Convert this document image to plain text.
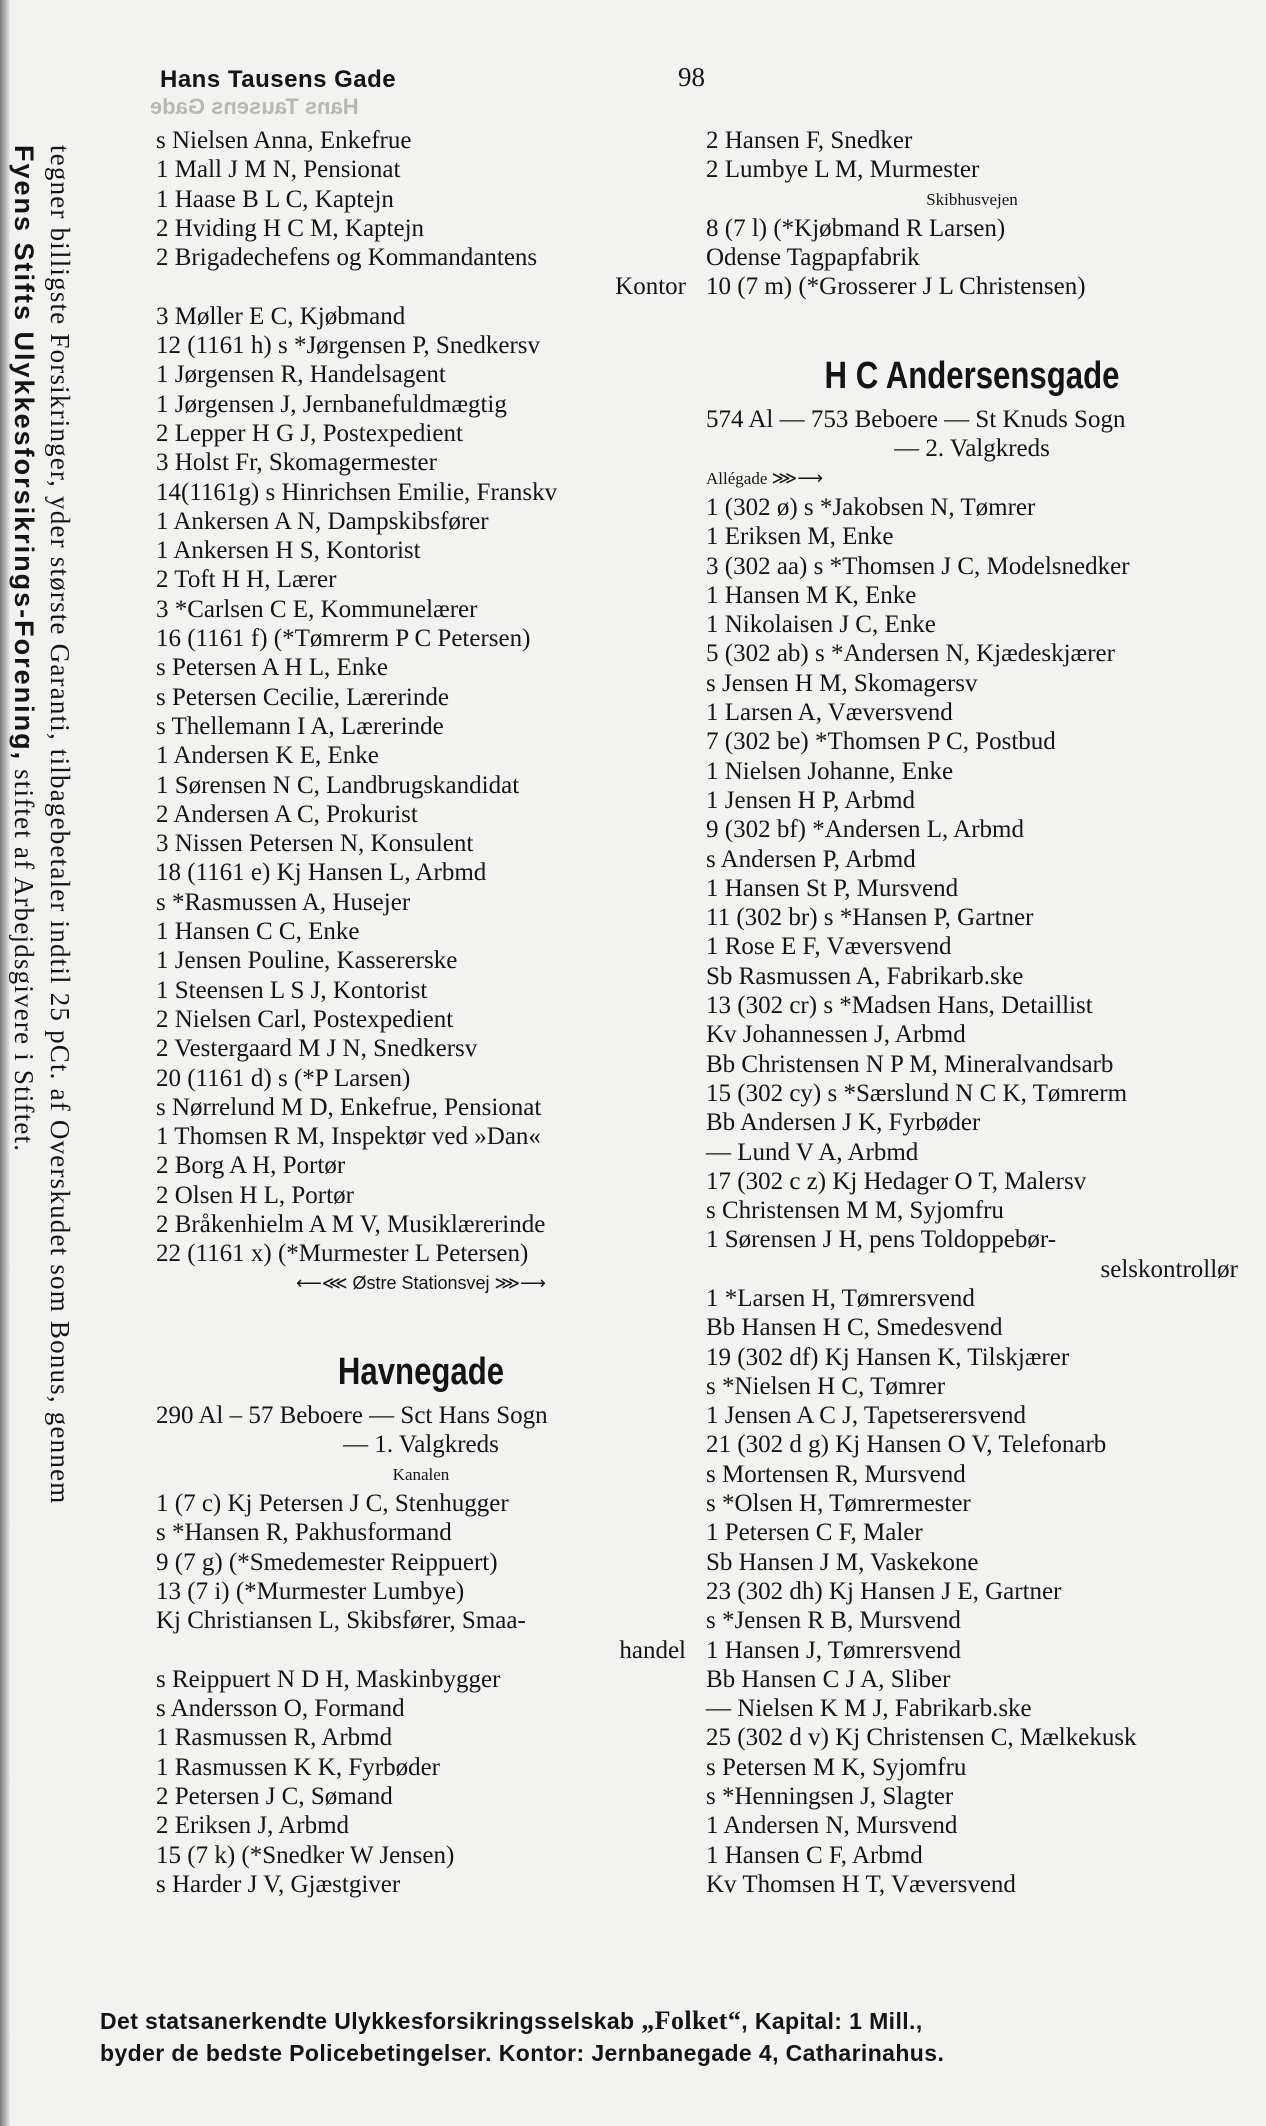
Hans Tausens Gade
Hans Tausens Gade	98
tegner billigste Forsikringer, yder største Garanti, tilbagebetaler indtil 25 pCt. af Overskudet som Bonus, gennem
Fyens Stifts Ulykkesforsikrings-Forening, stiftet af Arbejdsgivere i Stiftet.
s Nielsen Anna, Enkefrue
1 Mall J M N, Pensionat
1 Haase B L C, Kaptejn
2 Hviding H C M, Kaptejn
2 Brigadechefens og Kommandantens
Kontor
3 Møller E C, Kjøbmand
12 (1161 h) s *Jørgensen P, Snedkersv
1 Jørgensen R, Handelsagent
1 Jørgensen J, Jernbanefuldmægtig
2 Lepper H G J, Postexpedient
3 Holst Fr, Skomagermester
14(1161g) s Hinrichsen Emilie, Franskv
1 Ankersen A N, Dampskibsfører
1 Ankersen H S, Kontorist
2 Toft H H, Lærer
3 *Carlsen C E, Kommunelærer
16 (1161 f) (*Tømrerm P C Petersen)
s Petersen A H L, Enke
s Petersen Cecilie, Lærerinde
s Thellemann I A, Lærerinde
1 Andersen K E, Enke
1 Sørensen N C, Landbrugskandidat
2 Andersen A C, Prokurist
3 Nissen Petersen N, Konsulent
18 (1161 e) Kj Hansen L, Arbmd
s *Rasmussen A, Husejer
1 Hansen C C, Enke
1 Jensen Pouline, Kassererske
1 Steensen L S J, Kontorist
2 Nielsen Carl, Postexpedient
2 Vestergaard M J N, Snedkersv
20 (1161 d) s (*P Larsen)
s Nørrelund M D, Enkefrue, Pensionat
1 Thomsen R M, Inspektør ved »Dan«
2 Borg A H, Portør
2 Olsen H L, Portør
2 Bråkenhielm A M V, Musiklærerinde
22 (1161 x) (*Murmester L Petersen)
⟵⋘ Østre Stationsvej ⋙⟶
Havnegade
290 Al – 57 Beboere — Sct Hans Sogn
— 1. Valgkreds
Kanalen
1 (7 c) Kj Petersen J C, Stenhugger
s *Hansen R, Pakhusformand
9 (7 g) (*Smedemester Reippuert)
13 (7 i) (*Murmester Lumbye)
Kj Christiansen L, Skibsfører, Smaa-
handel
s Reippuert N D H, Maskinbygger
s Andersson O, Formand
1 Rasmussen R, Arbmd
1 Rasmussen K K, Fyrbøder
2 Petersen J C, Sømand
2 Eriksen J, Arbmd
15 (7 k) (*Snedker W Jensen)
s Harder J V, Gjæstgiver
2 Hansen F, Snedker
2 Lumbye L M, Murmester
Skibhusvejen
8 (7 l) (*Kjøbmand R Larsen)
Odense Tagpapfabrik
10 (7 m) (*Grosserer J L Christensen)
H C Andersensgade
574 Al — 753 Beboere — St Knuds Sogn
— 2. Valgkreds
Allégade ⋙⟶
1 (302 ø) s *Jakobsen N, Tømrer
1 Eriksen M, Enke
3 (302 aa) s *Thomsen J C, Modelsnedker
1 Hansen M K, Enke
1 Nikolaisen J C, Enke
5 (302 ab) s *Andersen N, Kjædeskjærer
s Jensen H M, Skomagersv
1 Larsen A, Væversvend
7 (302 be) *Thomsen P C, Postbud
1 Nielsen Johanne, Enke
1 Jensen H P, Arbmd
9 (302 bf) *Andersen L, Arbmd
s Andersen P, Arbmd
1 Hansen St P, Mursvend
11 (302 br) s *Hansen P, Gartner
1 Rose E F, Væversvend
Sb Rasmussen A, Fabrikarb.ske
13 (302 cr) s *Madsen Hans, Detaillist
Kv Johannessen J, Arbmd
Bb Christensen N P M, Mineralvandsarb
15 (302 cy) s *Særslund N C K, Tømrerm
Bb Andersen J K, Fyrbøder
— Lund V A, Arbmd
17 (302 c z) Kj Hedager O T, Malersv
s Christensen M M, Syjomfru
1 Sørensen J H, pens Toldoppebør-
selskontrollør
1 *Larsen H, Tømrersvend
Bb Hansen H C, Smedesvend
19 (302 df) Kj Hansen K, Tilskjærer
s *Nielsen H C, Tømrer
1 Jensen A C J, Tapetserersvend
21 (302 d g) Kj Hansen O V, Telefonarb
s Mortensen R, Mursvend
s *Olsen H, Tømrermester
1 Petersen C F, Maler
Sb Hansen J M, Vaskekone
23 (302 dh) Kj Hansen J E, Gartner
s *Jensen R B, Mursvend
1 Hansen J, Tømrersvend
Bb Hansen C J A, Sliber
— Nielsen K M J, Fabrikarb.ske
25 (302 d v) Kj Christensen C, Mælkekusk
s Petersen M K, Syjomfru
s *Henningsen J, Slagter
1 Andersen N, Mursvend
1 Hansen C F, Arbmd
Kv Thomsen H T, Væversvend
Det statsanerkendte Ulykkesforsikringsselskab „Folket“, Kapital: 1 Mill.,
byder de bedste Policebetingelser. Kontor: Jernbanegade 4, Catharinahus.
